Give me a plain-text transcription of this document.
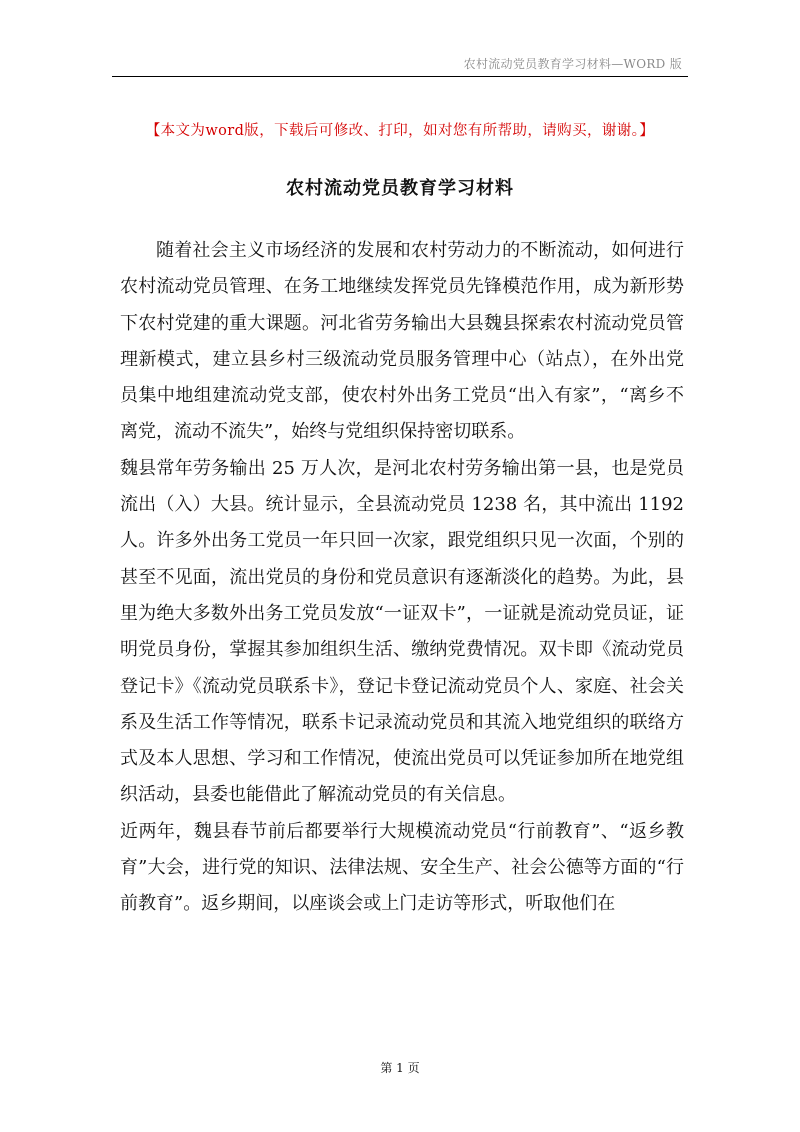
农村流动党员教育学习材料—WORD 版
【本文为word版，下载后可修改、打印，如对您有所帮助，请购买，谢谢。】
农村流动党员教育学习材料

随着社会主义市场经济的发展和农村劳动力的不断流动，如何进行农村流动党员管理、在务工地继续发挥党员先锋模范作用，成为新形势下农村党建的重大课题。河北省劳务输出大县魏县探索农村流动党员管理新模式，建立县乡村三级流动党员服务管理中心（站点），在外出党员集中地组建流动党支部，使农村外出务工党员“出入有家”，“离乡不离党，流动不流失”，始终与党组织保持密切联系。

魏县常年劳务输出 25 万人次，是河北农村劳务输出第一县，也是党员流出（入）大县。统计显示，全县流动党员 1238 名，其中流出 1192 人。许多外出务工党员一年只回一次家，跟党组织只见一次面，个别的甚至不见面，流出党员的身份和党员意识有逐渐淡化的趋势。为此，县里为绝大多数外出务工党员发放“一证双卡”，一证就是流动党员证，证明党员身份，掌握其参加组织生活、缴纳党费情况。双卡即《流动党员登记卡》《流动党员联系卡》，登记卡登记流动党员个人、家庭、社会关系及生活工作等情况，联系卡记录流动党员和其流入地党组织的联络方式及本人思想、学习和工作情况，使流出党员可以凭证参加所在地党组织活动，县委也能借此了解流动党员的有关信息。

近两年，魏县春节前后都要举行大规模流动党员“行前教育”、“返乡教育”大会，进行党的知识、法律法规、安全生产、社会公德等方面的“行前教育”。返乡期间，以座谈会或上门走访等形式，听取他们在

第 1 页
